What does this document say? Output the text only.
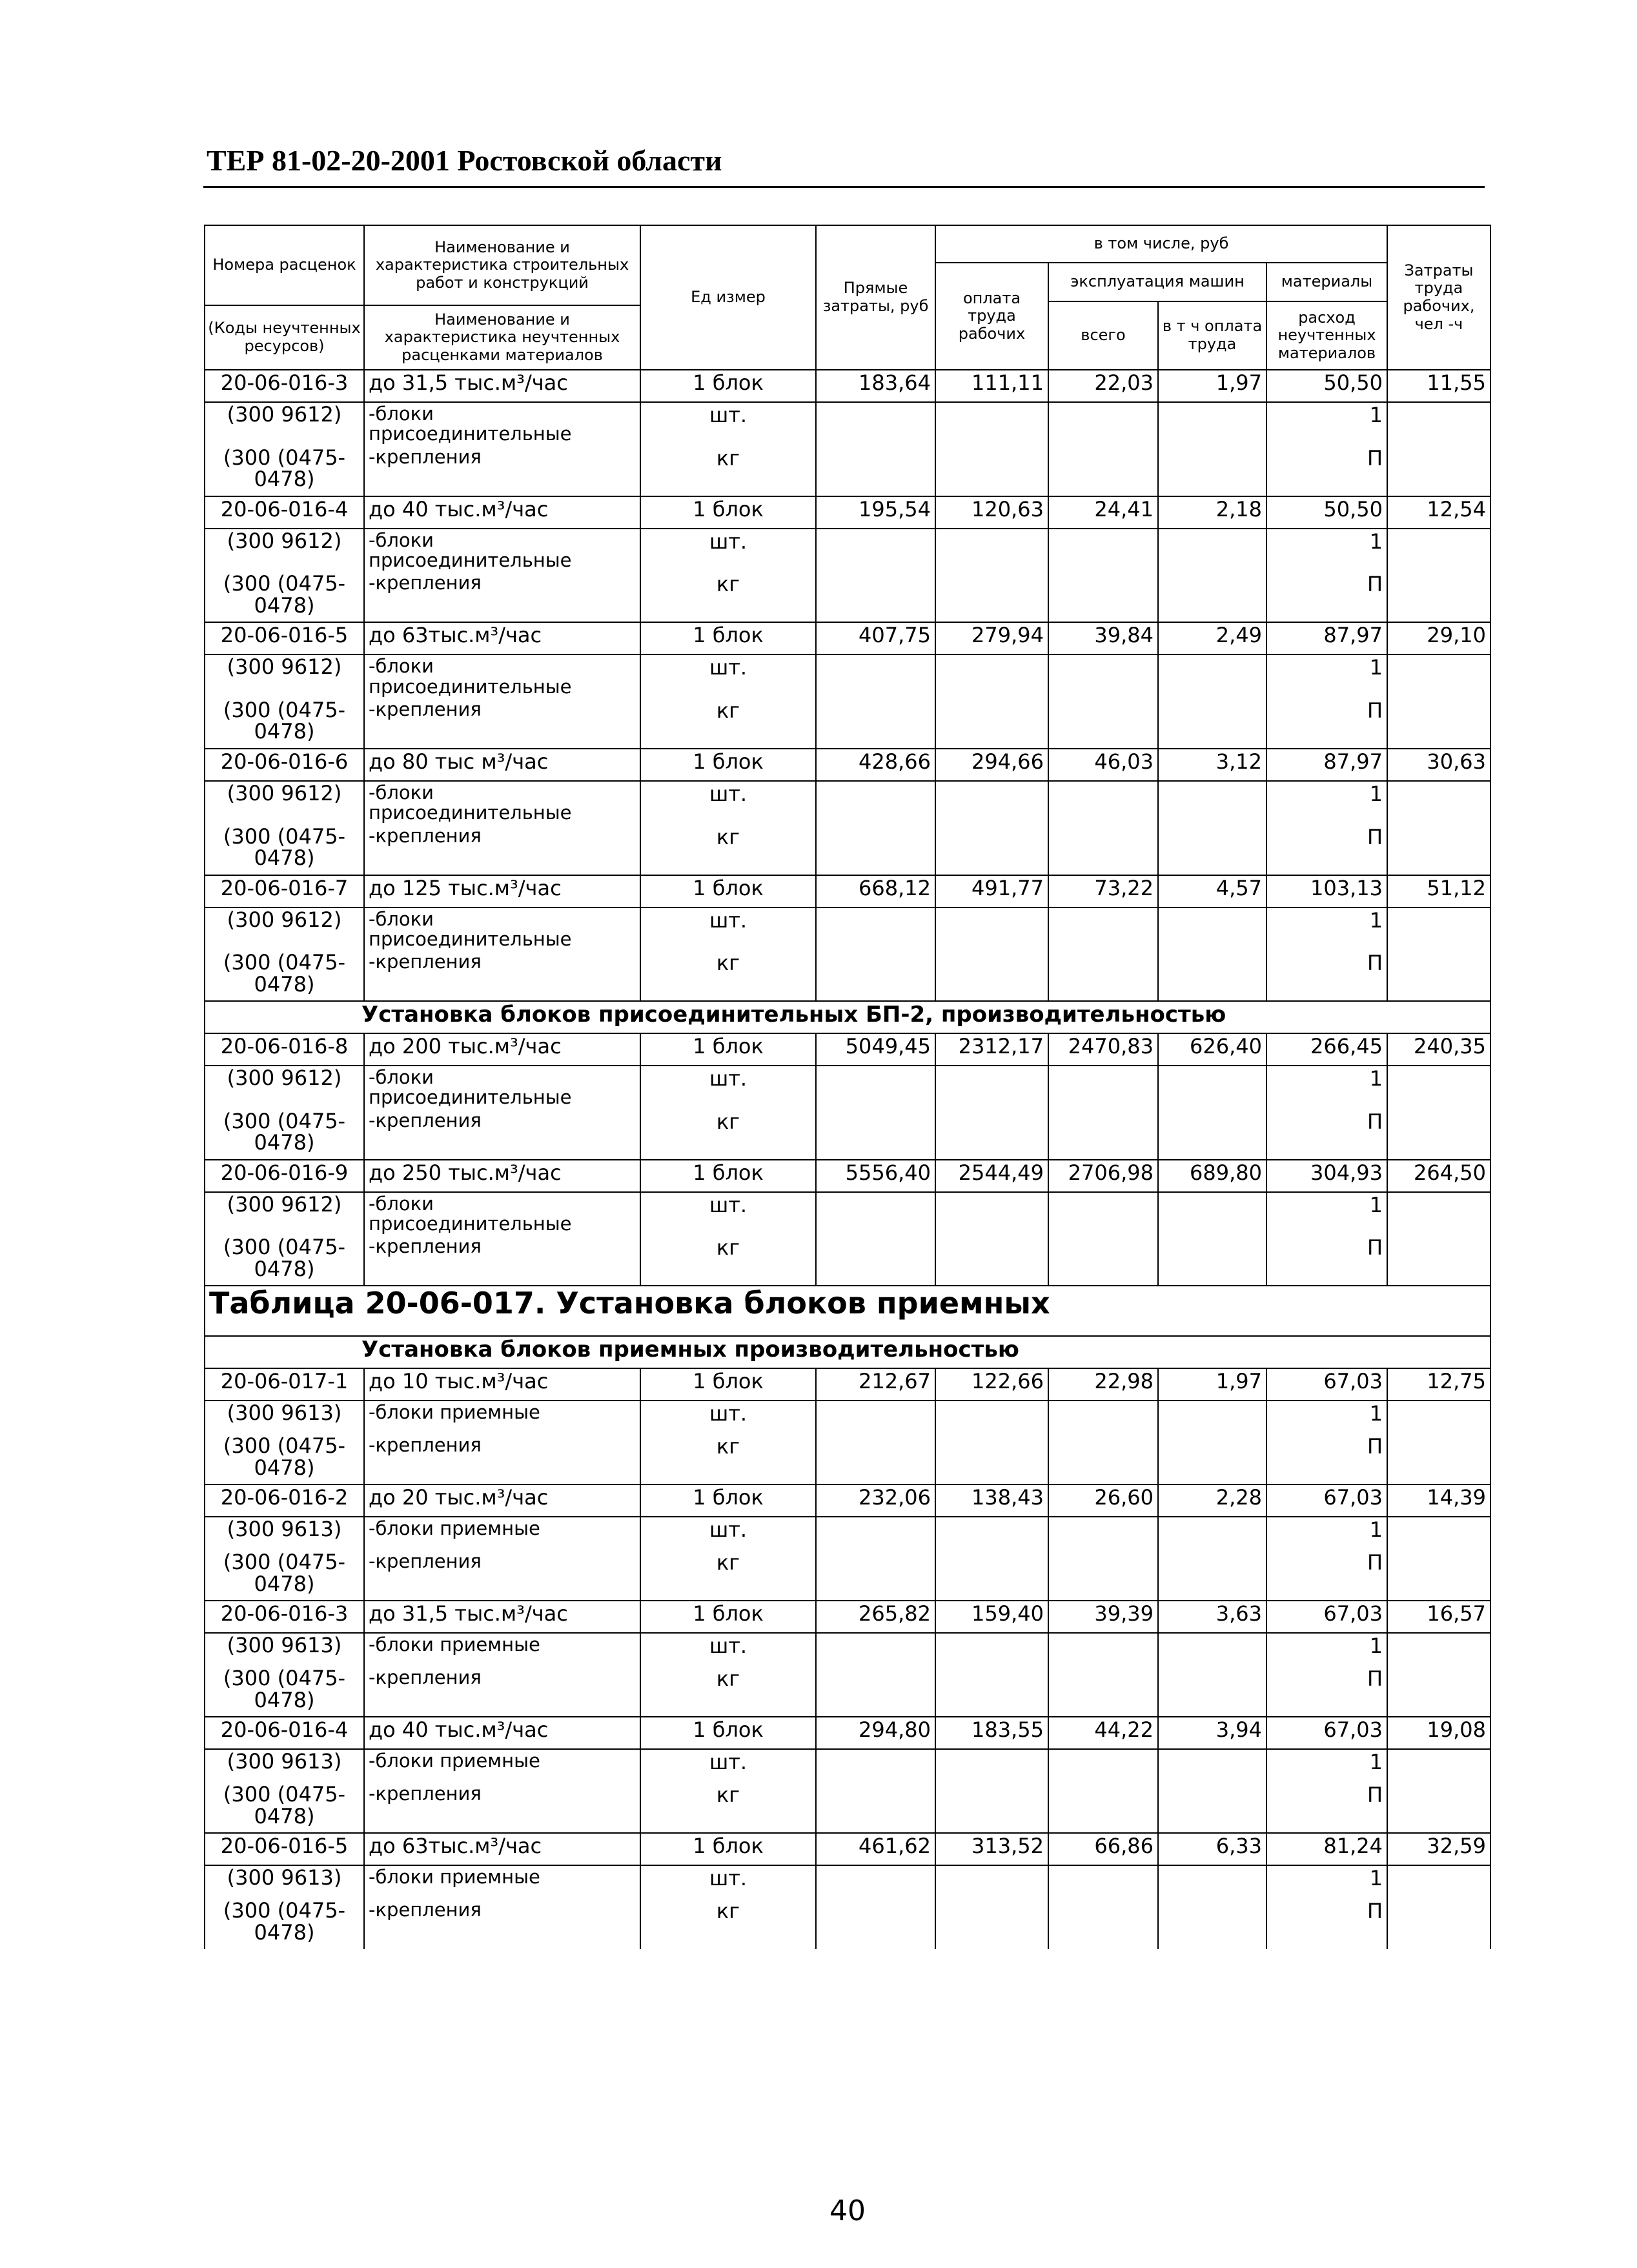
ТЕР 81-02-20-2001 Ростовской области
Номера расценок	Наименование и характеристика строительных работ и конструкций	Ед измер	Прямые затраты, руб	в том числе, руб				Затраты труда рабочих, чел -ч
				оплата труда рабочих	эксплуатация машин		материалы	
					всего	в т ч оплата труда	расход неучтенных материалов	
(Коды неучтенных ресурсов)	Наименование и характеристика неучтенных расценками материалов							

20-06-016-3	до 31,5 тыс.м³/час	1 блок	183,64	111,11	22,03	1,97	50,50	11,55
(300 9612)	-блоки присоединительные	шт.					1	
(300 (0475-0478)	-крепления	кг					П	
20-06-016-4	до 40 тыс.м³/час	1 блок	195,54	120,63	24,41	2,18	50,50	12,54
(300 9612)	-блоки присоединительные	шт.					1	
(300 (0475-0478)	-крепления	кг					П	
20-06-016-5	до 63тыс.м³/час	1 блок	407,75	279,94	39,84	2,49	87,97	29,10
(300 9612)	-блоки присоединительные	шт.					1	
(300 (0475-0478)	-крепления	кг					П	
20-06-016-6	до 80 тыс м³/час	1 блок	428,66	294,66	46,03	3,12	87,97	30,63
(300 9612)	-блоки присоединительные	шт.					1	
(300 (0475-0478)	-крепления	кг					П	
20-06-016-7	до 125 тыс.м³/час	1 блок	668,12	491,77	73,22	4,57	103,13	51,12
(300 9612)	-блоки присоединительные	шт.					1	
(300 (0475-0478)	-крепления	кг					П	
Установка блоков присоединительных БП-2, производительностью								
20-06-016-8	до 200 тыс.м³/час	1 блок	5049,45	2312,17	2470,83	626,40	266,45	240,35
(300 9612)	-блоки присоединительные	шт.					1	
(300 (0475-0478)	-крепления	кг					П	
20-06-016-9	до 250 тыс.м³/час	1 блок	5556,40	2544,49	2706,98	689,80	304,93	264,50
(300 9612)	-блоки присоединительные	шт.					1	
(300 (0475-0478)	-крепления	кг					П	
Таблица 20-06-017. Установка блоков приемных								
Установка блоков приемных производительностью								
20-06-017-1	до 10 тыс.м³/час	1 блок	212,67	122,66	22,98	1,97	67,03	12,75
(300 9613)	-блоки приемные	шт.					1	
(300 (0475-0478)	-крепления	кг					П	
20-06-016-2	до 20 тыс.м³/час	1 блок	232,06	138,43	26,60	2,28	67,03	14,39
(300 9613)	-блоки приемные	шт.					1	
(300 (0475-0478)	-крепления	кг					П	
20-06-016-3	до 31,5 тыс.м³/час	1 блок	265,82	159,40	39,39	3,63	67,03	16,57
(300 9613)	-блоки приемные	шт.					1	
(300 (0475-0478)	-крепления	кг					П	
20-06-016-4	до 40 тыс.м³/час	1 блок	294,80	183,55	44,22	3,94	67,03	19,08
(300 9613)	-блоки приемные	шт.					1	
(300 (0475-0478)	-крепления	кг					П	
20-06-016-5	до 63тыс.м³/час	1 блок	461,62	313,52	66,86	6,33	81,24	32,59
(300 9613)	-блоки приемные	шт.					1	
(300 (0475-0478)	-крепления	кг					П	
40
